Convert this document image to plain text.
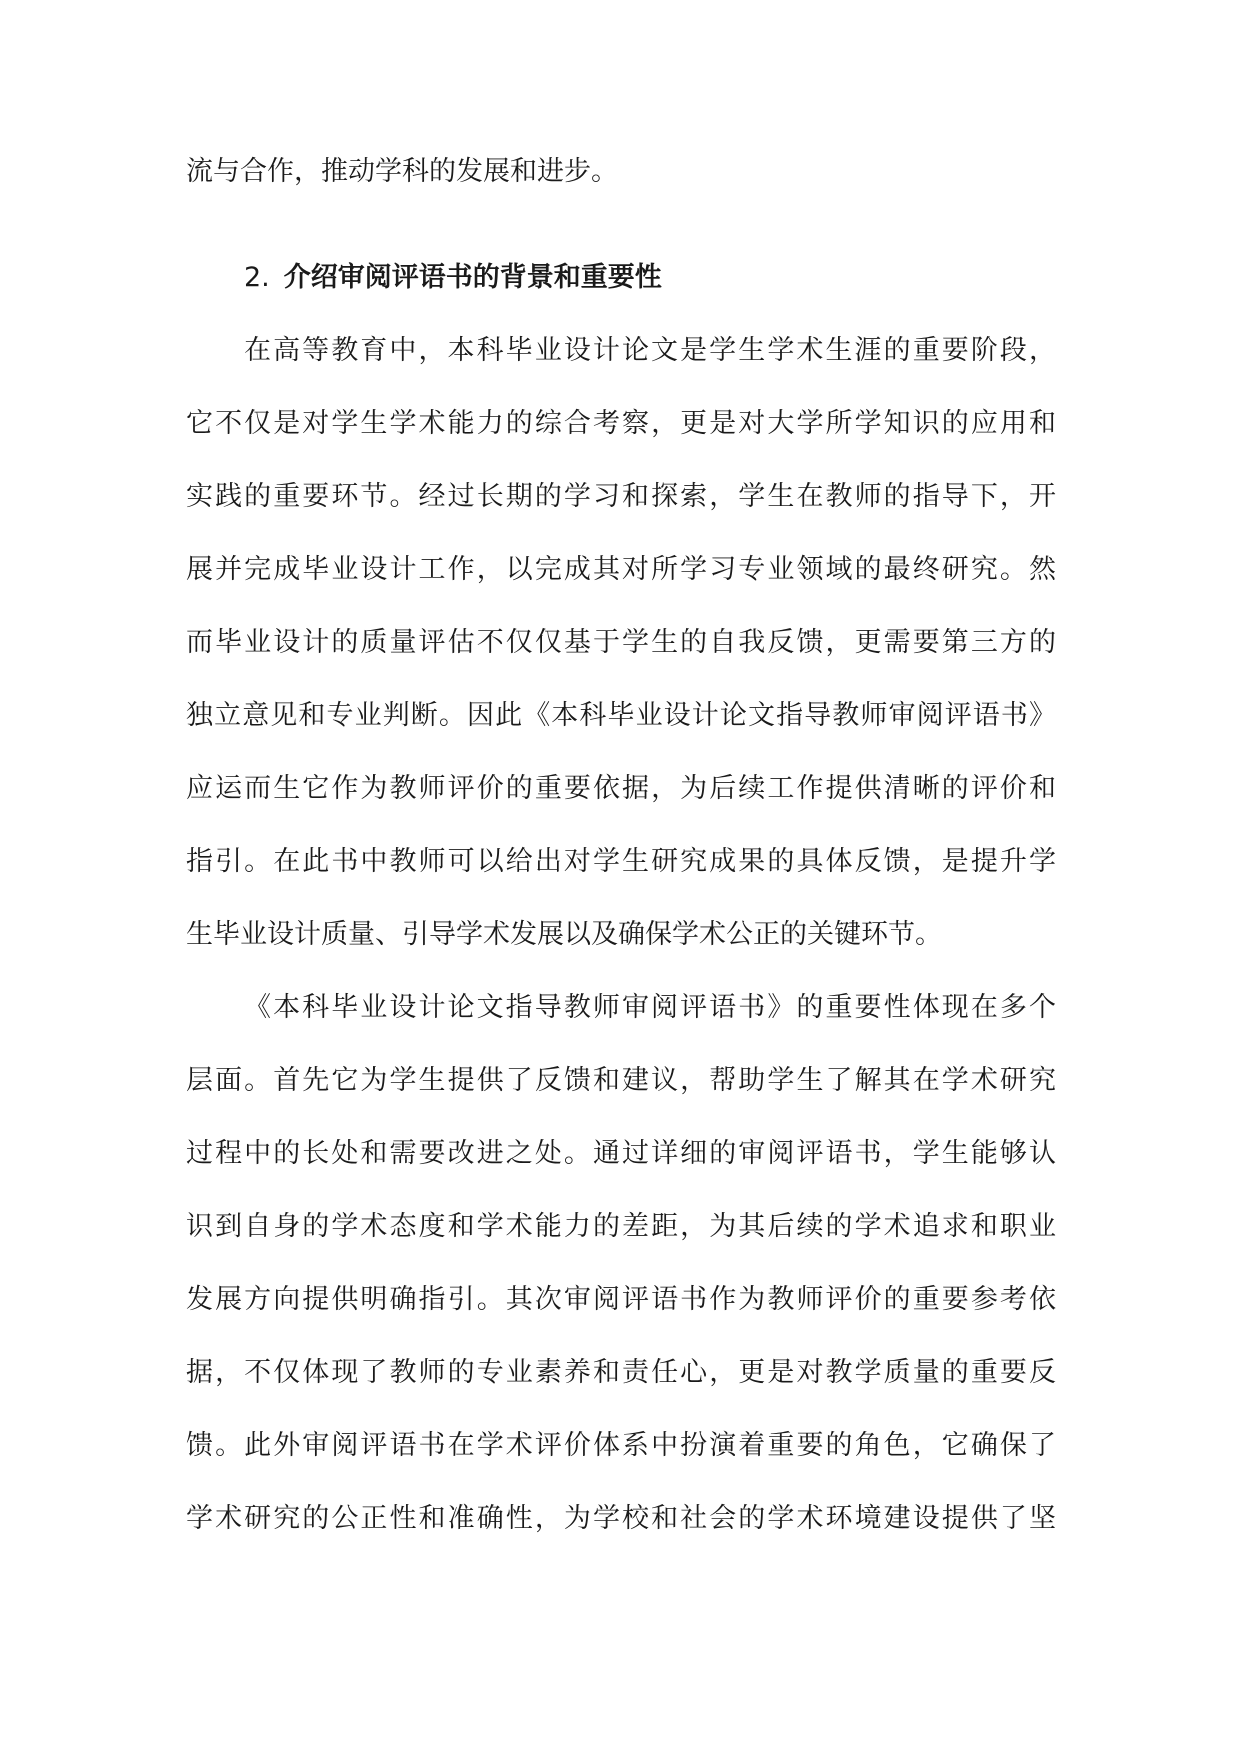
流与合作，推动学科的发展和进步。
2. 介绍审阅评语书的背景和重要性
在高等教育中，本科毕业设计论文是学生学术生涯的重要阶段，
它不仅是对学生学术能力的综合考察，更是对大学所学知识的应用和
实践的重要环节。经过长期的学习和探索，学生在教师的指导下，开
展并完成毕业设计工作，以完成其对所学习专业领域的最终研究。然
而毕业设计的质量评估不仅仅基于学生的自我反馈，更需要第三方的
独立意见和专业判断。因此《本科毕业设计论文指导教师审阅评语书》
应运而生它作为教师评价的重要依据，为后续工作提供清晰的评价和
指引。在此书中教师可以给出对学生研究成果的具体反馈，是提升学
生毕业设计质量、引导学术发展以及确保学术公正的关键环节。
《本科毕业设计论文指导教师审阅评语书》的重要性体现在多个
层面。首先它为学生提供了反馈和建议，帮助学生了解其在学术研究
过程中的长处和需要改进之处。通过详细的审阅评语书，学生能够认
识到自身的学术态度和学术能力的差距，为其后续的学术追求和职业
发展方向提供明确指引。其次审阅评语书作为教师评价的重要参考依
据，不仅体现了教师的专业素养和责任心，更是对教学质量的重要反
馈。此外审阅评语书在学术评价体系中扮演着重要的角色，它确保了
学术研究的公正性和准确性，为学校和社会的学术环境建设提供了坚
